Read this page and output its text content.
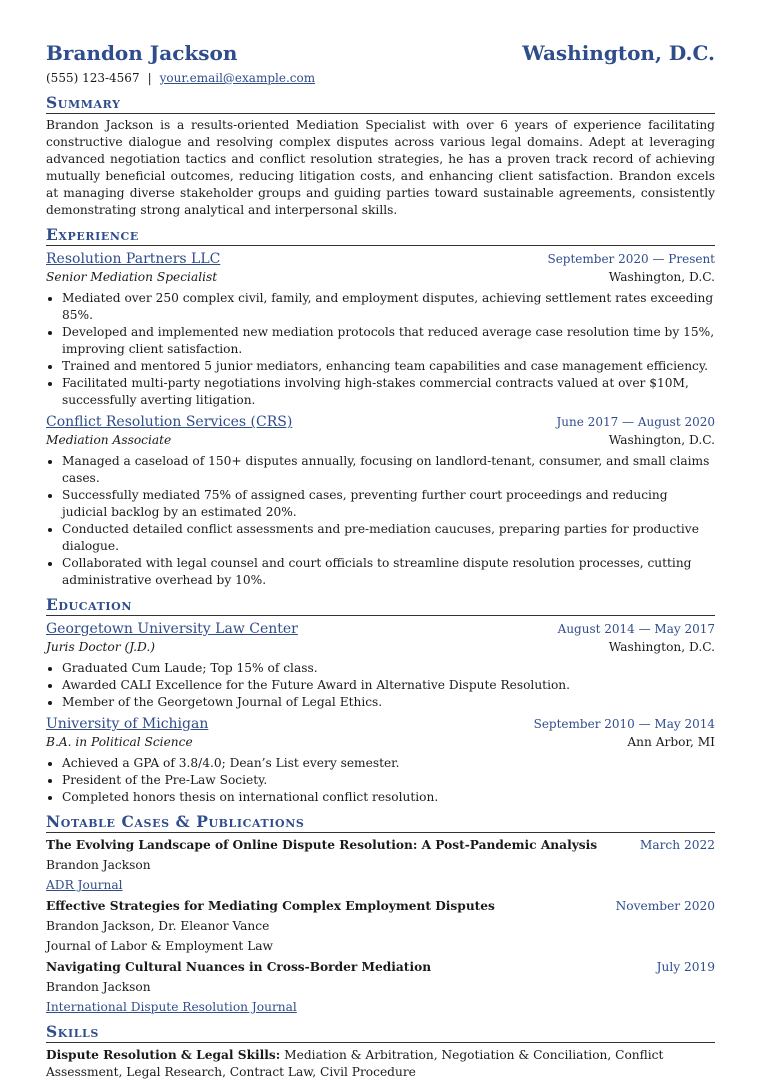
Brandon Jackson	Washington, D.C.
(555) 123-4567 | your.email@example.com
Summary
Brandon Jackson is a results-oriented Mediation Specialist with over 6 years of experience facilitating constructive dialogue and resolving complex disputes across various legal domains. Adept at leveraging advanced negotiation tactics and conflict resolution strategies, he has a proven track record of achieving mutually beneficial outcomes, reducing litigation costs, and enhancing client satisfaction. Brandon excels at managing diverse stakeholder groups and guiding parties toward sustainable agreements, consistently demonstrating strong analytical and interpersonal skills.
Experience
Resolution Partners LLC	September 2020 — Present
Senior Mediation Specialist	Washington, D.C.
• Mediated over 250 complex civil, family, and employment disputes, achieving settlement rates exceeding 85%.
• Developed and implemented new mediation protocols that reduced average case resolution time by 15%, improving client satisfaction.
• Trained and mentored 5 junior mediators, enhancing team capabilities and case management efficiency.
• Facilitated multi-party negotiations involving high-stakes commercial contracts valued at over $10M, successfully averting litigation.
Conflict Resolution Services (CRS)	June 2017 — August 2020
Mediation Associate	Washington, D.C.
• Managed a caseload of 150+ disputes annually, focusing on landlord-tenant, consumer, and small claims cases.
• Successfully mediated 75% of assigned cases, preventing further court proceedings and reducing judicial backlog by an estimated 20%.
• Conducted detailed conflict assessments and pre-mediation caucuses, preparing parties for productive dialogue.
• Collaborated with legal counsel and court officials to streamline dispute resolution processes, cutting administrative overhead by 10%.
Education
Georgetown University Law Center	August 2014 — May 2017
Juris Doctor (J.D.)	Washington, D.C.
• Graduated Cum Laude; Top 15% of class.
• Awarded CALI Excellence for the Future Award in Alternative Dispute Resolution.
• Member of the Georgetown Journal of Legal Ethics.
University of Michigan	September 2010 — May 2014
B.A. in Political Science	Ann Arbor, MI
• Achieved a GPA of 3.8/4.0; Dean’s List every semester.
• President of the Pre-Law Society.
• Completed honors thesis on international conflict resolution.
Notable Cases & Publications
The Evolving Landscape of Online Dispute Resolution: A Post-Pandemic Analysis	March 2022
Brandon Jackson
ADR Journal
Effective Strategies for Mediating Complex Employment Disputes	November 2020
Brandon Jackson, Dr. Eleanor Vance
Journal of Labor & Employment Law
Navigating Cultural Nuances in Cross-Border Mediation	July 2019
Brandon Jackson
International Dispute Resolution Journal
Skills
Dispute Resolution & Legal Skills: Mediation & Arbitration, Negotiation & Conciliation, Conflict Assessment, Legal Research, Contract Law, Civil Procedure
